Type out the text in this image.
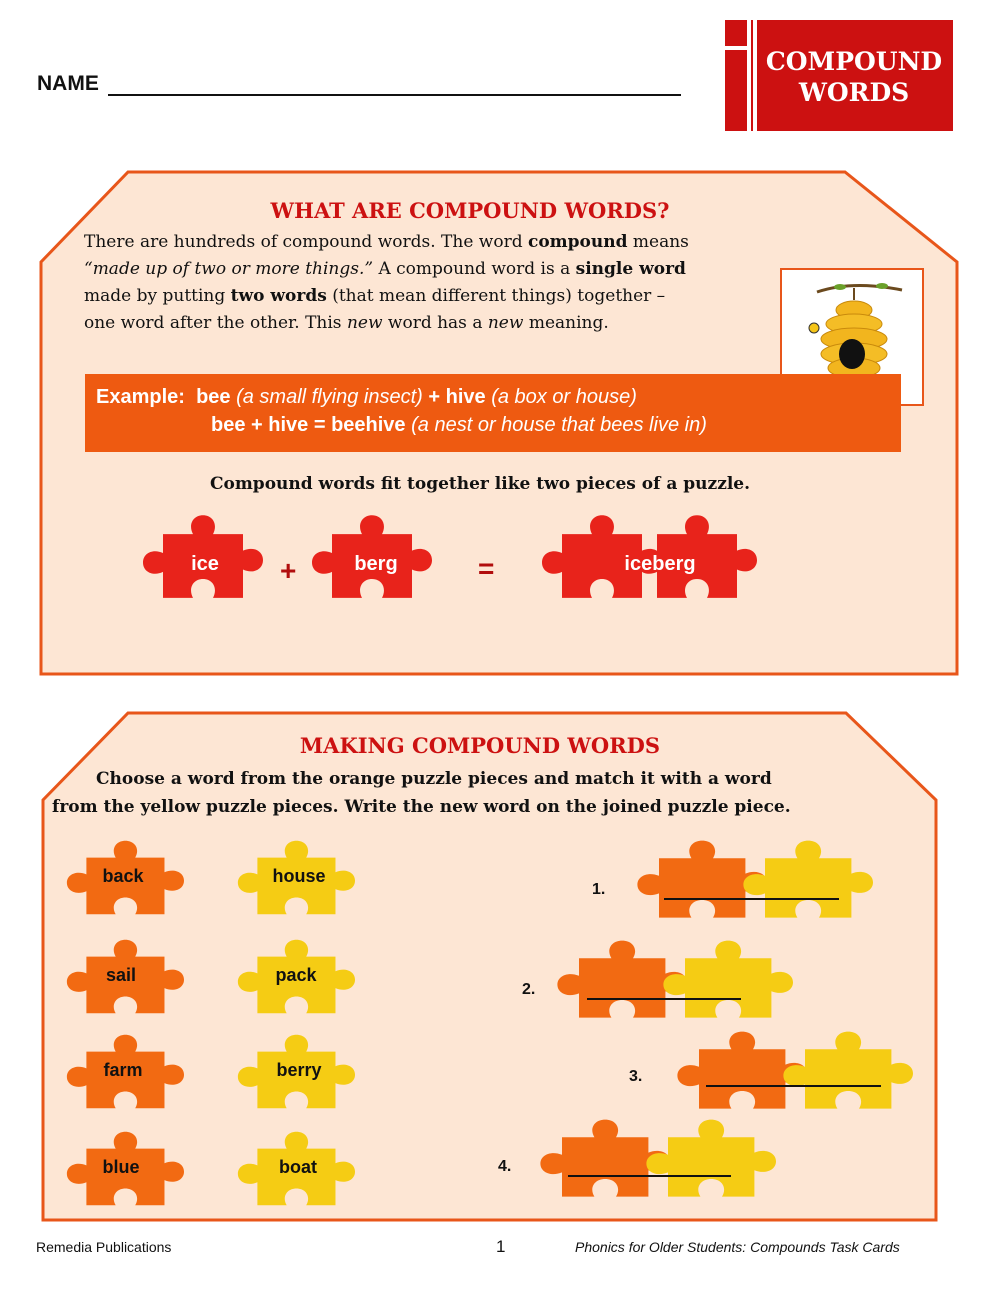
NAME
COMPOUND
WORDS
WHAT ARE COMPOUND WORDS?
There are hundreds of compound words. The word compound means
“made up of two or more things.” A compound word is a single word
made by putting two words (that mean different things) together –
one word after the other. This new word has a new meaning.
Example: bee (a small flying insect) + hive (a box or house)
bee + hive = beehive (a nest or house that bees live in)
Compound words fit together like two pieces of a puzzle.
ice	+	berg	=	iceberg
MAKING COMPOUND WORDS
Choose a word from the orange puzzle pieces and match it with a word
from the yellow puzzle pieces. Write the new word on the joined puzzle piece.
back
sail
farm
blue
house
pack
berry
boat
1.
2.
3.
4.
Remedia Publications	1	Phonics for Older Students: Compounds Task Cards
